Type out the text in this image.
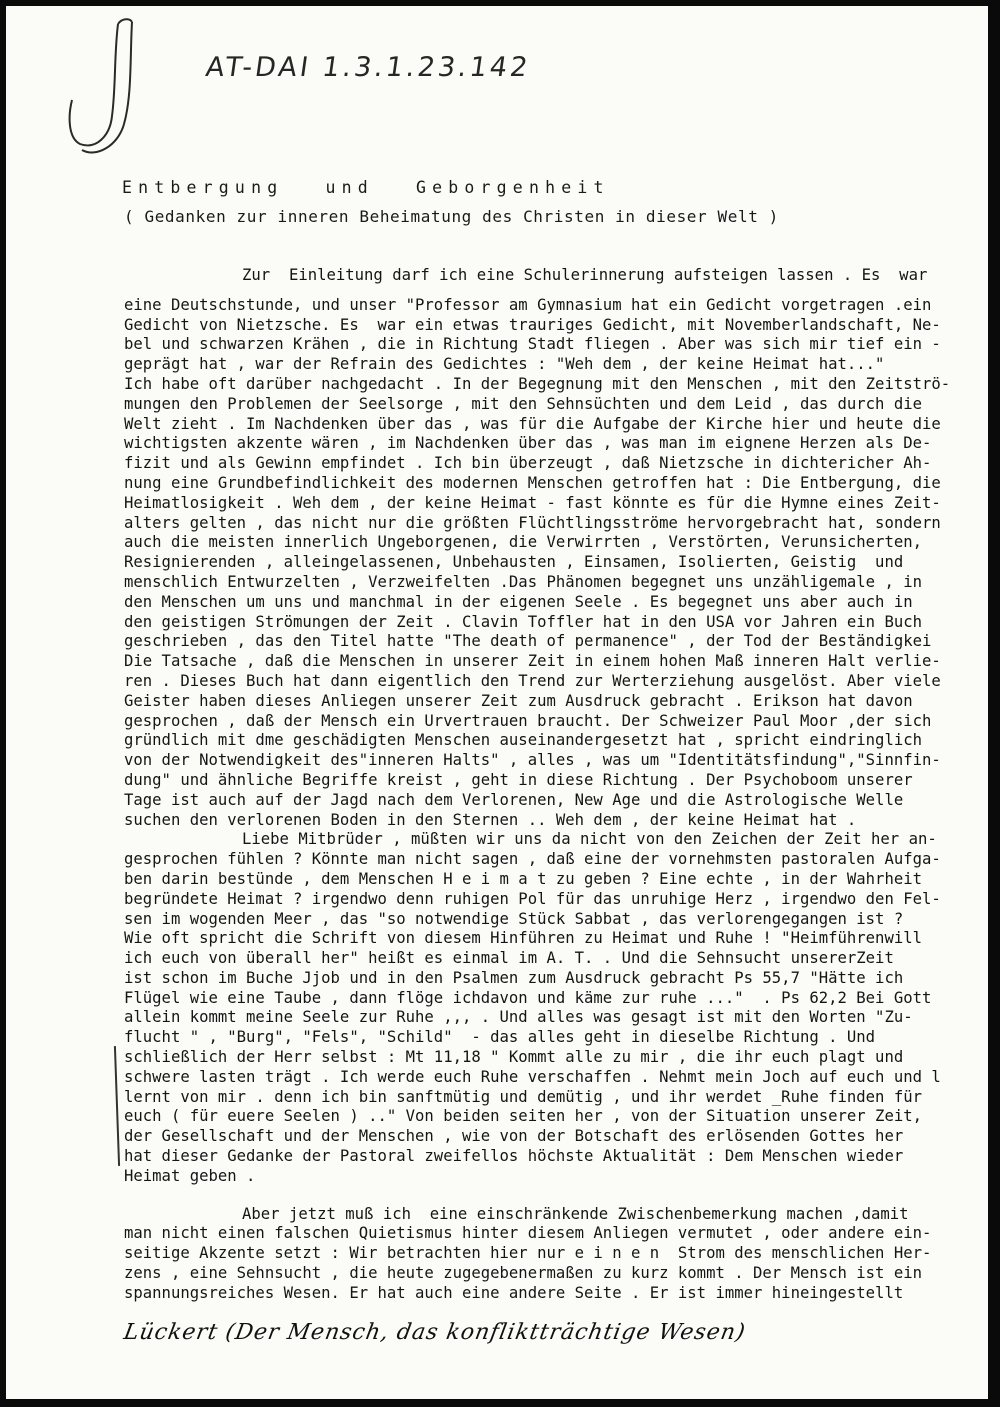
AT-DAI 1.3.1.23.142
Entbergung und Geborgenheit
( Gedanken zur inneren Beheimatung des Christen in dieser Welt )
Zur  Einleitung darf ich eine Schulerinnerung aufsteigen lassen . Es  war
eine Deutschstunde, und unser "Professor am Gymnasium hat ein Gedicht vorgetragen .ein
Gedicht von Nietzsche. Es  war ein etwas trauriges Gedicht, mit Novemberlandschaft, Ne-
bel und schwarzen Krähen , die in Richtung Stadt fliegen . Aber was sich mir tief ein -
geprägt hat , war der Refrain des Gedichtes : "Weh dem , der keine Heimat hat..."
Ich habe oft darüber nachgedacht . In der Begegnung mit den Menschen , mit den Zeitströ-
mungen den Problemen der Seelsorge , mit den Sehnsüchten und dem Leid , das durch die
Welt zieht . Im Nachdenken über das , was für die Aufgabe der Kirche hier und heute die
wichtigsten akzente wären , im Nachdenken über das , was man im eignene Herzen als De-
fizit und als Gewinn empfindet . Ich bin überzeugt , daß Nietzsche in dichtericher Ah-
nung eine Grundbefindlichkeit des modernen Menschen getroffen hat : Die Entbergung, die
Heimatlosigkeit . Weh dem , der keine Heimat - fast könnte es für die Hymne eines Zeit-
alters gelten , das nicht nur die größten Flüchtlingsströme hervorgebracht hat, sondern
auch die meisten innerlich Ungeborgenen, die Verwirrten , Verstörten, Verunsicherten,
Resignierenden , alleingelassenen, Unbehausten , Einsamen, Isolierten, Geistig  und
menschlich Entwurzelten , Verzweifelten .Das Phänomen begegnet uns unzähligemale , in
den Menschen um uns und manchmal in der eigenen Seele . Es begegnet uns aber auch in
den geistigen Strömungen der Zeit . Clavin Toffler hat in den USA vor Jahren ein Buch
geschrieben , das den Titel hatte "The death of permanence" , der Tod der Beständigkei
Die Tatsache , daß die Menschen in unserer Zeit in einem hohen Maß inneren Halt verlie-
ren . Dieses Buch hat dann eigentlich den Trend zur Werterziehung ausgelöst. Aber viele
Geister haben dieses Anliegen unserer Zeit zum Ausdruck gebracht . Erikson hat davon
gesprochen , daß der Mensch ein Urvertrauen braucht. Der Schweizer Paul Moor ,der sich
gründlich mit dme geschädigten Menschen auseinandergesetzt hat , spricht eindringlich
von der Notwendigkeit des"inneren Halts" , alles , was um "Identitätsfindung","Sinnfin-
dung" und ähnliche Begriffe kreist , geht in diese Richtung . Der Psychoboom unserer
Tage ist auch auf der Jagd nach dem Verlorenen, New Age und die Astrologische Welle
suchen den verlorenen Boden in den Sternen .. Weh dem , der keine Heimat hat .
Liebe Mitbrüder , müßten wir uns da nicht von den Zeichen der Zeit her an-
gesprochen fühlen ? Könnte man nicht sagen , daß eine der vornehmsten pastoralen Aufga-
ben darin bestünde , dem Menschen H e i m a t zu geben ? Eine echte , in der Wahrheit
begründete Heimat ? irgendwo denn ruhigen Pol für das unruhige Herz , irgendwo den Fel-
sen im wogenden Meer , das "so notwendige Stück Sabbat , das verlorengegangen ist ?
Wie oft spricht die Schrift von diesem Hinführen zu Heimat und Ruhe ! "Heimführenwill
ich euch von überall her" heißt es einmal im A. T. . Und die Sehnsucht unsererZeit
ist schon im Buche Jjob und in den Psalmen zum Ausdruck gebracht Ps 55,7 "Hätte ich
Flügel wie eine Taube , dann flöge ichdavon und käme zur ruhe ..."  . Ps 62,2 Bei Gott
allein kommt meine Seele zur Ruhe ,,, . Und alles was gesagt ist mit den Worten "Zu-
flucht " , "Burg", "Fels", "Schild"  - das alles geht in dieselbe Richtung . Und
schließlich der Herr selbst : Mt 11,18 " Kommt alle zu mir , die ihr euch plagt und
schwere lasten trägt . Ich werde euch Ruhe verschaffen . Nehmt mein Joch auf euch und l
lernt von mir . denn ich bin sanftmütig und demütig , und ihr werdet _Ruhe finden für
euch ( für euere Seelen ) .." Von beiden seiten her , von der Situation unserer Zeit,
der Gesellschaft und der Menschen , wie von der Botschaft des erlösenden Gottes her
hat dieser Gedanke der Pastoral zweifellos höchste Aktualität : Dem Menschen wieder
Heimat geben .
Aber jetzt muß ich  eine einschränkende Zwischenbemerkung machen ,damit
man nicht einen falschen Quietismus hinter diesem Anliegen vermutet , oder andere ein-
seitige Akzente setzt : Wir betrachten hier nur e i n e n  Strom des menschlichen Her-
zens , eine Sehnsucht , die heute zugegebenermaßen zu kurz kommt . Der Mensch ist ein
spannungsreiches Wesen. Er hat auch eine andere Seite . Er ist immer hineingestellt
Lückert (Der Mensch, das konfliktträchtige Wesen)
